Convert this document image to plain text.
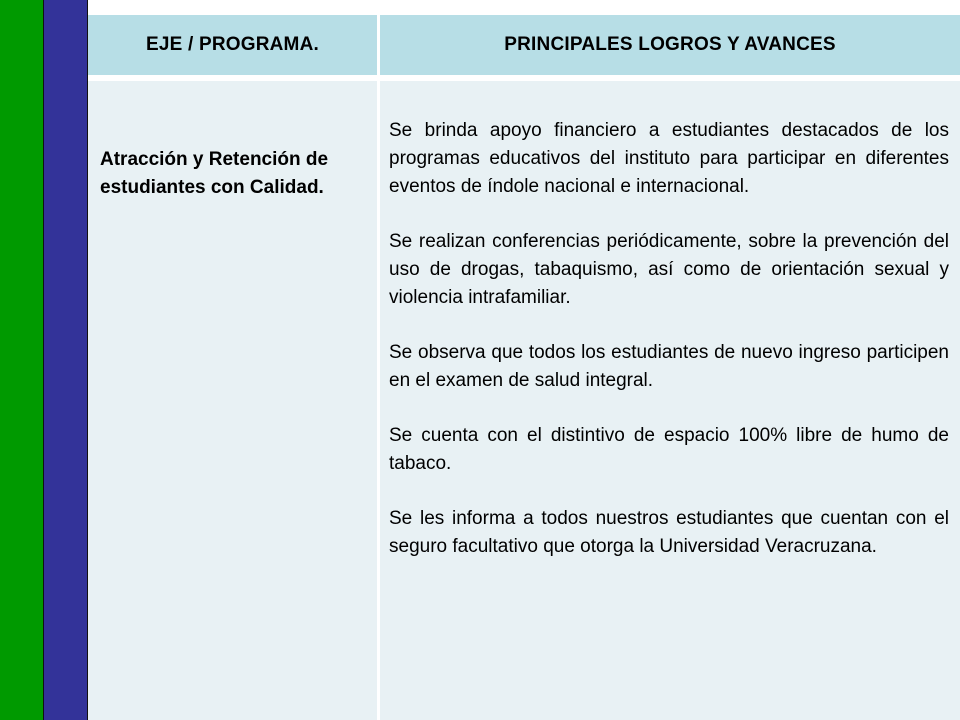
EJE / PROGRAMA.	PRINCIPALES LOGROS Y AVANCES
Atracción y Retención de estudiantes con Calidad.

Se brinda apoyo financiero a estudiantes destacados de los programas educativos del instituto para participar en diferentes eventos de índole nacional e internacional.

Se realizan conferencias periódicamente, sobre la prevención del uso de drogas, tabaquismo, así como de orientación sexual y violencia intrafamiliar.

Se observa que todos los estudiantes de nuevo ingreso participen en el examen de salud integral.

Se cuenta con el distintivo de espacio 100% libre de humo de tabaco.

Se les informa a todos nuestros estudiantes que cuentan con el seguro facultativo que otorga la Universidad Veracruzana.
